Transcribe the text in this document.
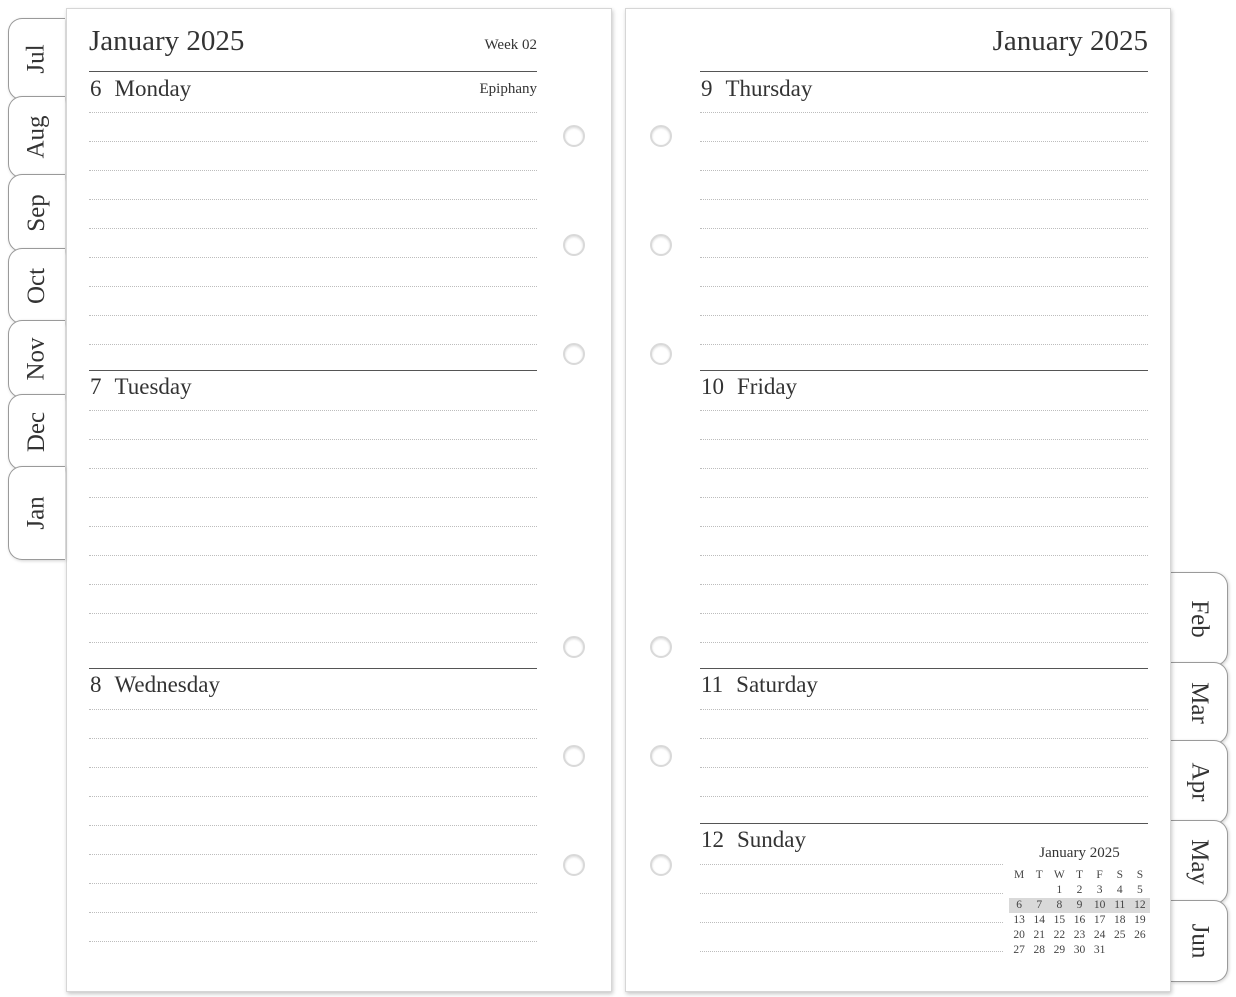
Jul
Aug
Sep
Oct
Nov
Dec
Jan
Feb
Mar
Apr
May
Jun
January 2025	Week 02
6 Monday	Epiphany
7 Tuesday
8 Wednesday
January 2025
9 Thursday
10 Friday
11 Saturday
12 Sunday
January 2025
M	T	W	T	F	S	S
		1	2	3	4	5
6	7	8	9	10	11	12
13	14	15	16	17	18	19
20	21	22	23	24	25	26
27	28	29	30	31		
